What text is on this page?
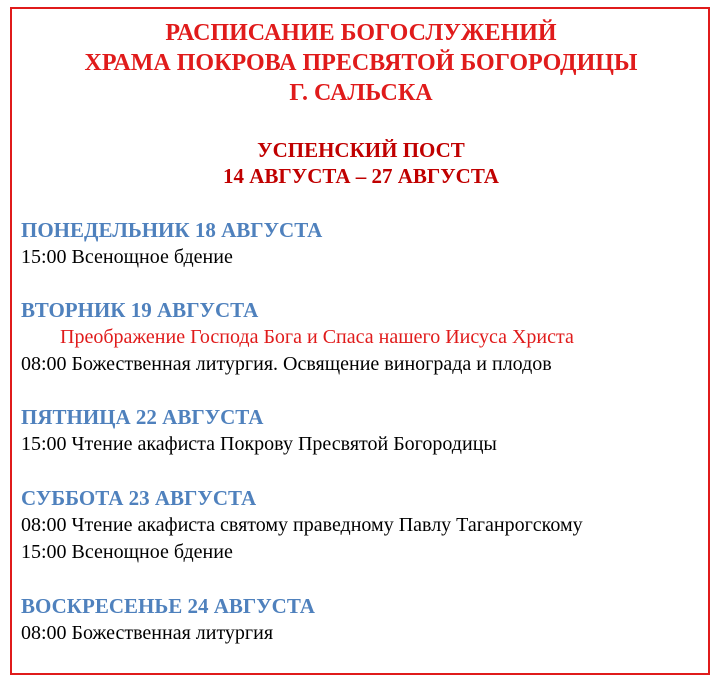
РАСПИСАНИЕ БОГОСЛУЖЕНИЙ
ХРАМА ПОКРОВА ПРЕСВЯТОЙ БОГОРОДИЦЫ
Г. САЛЬСКА
УСПЕНСКИЙ ПОСТ
14 АВГУСТА – 27 АВГУСТА
ПОНЕДЕЛЬНИК 18 АВГУСТА
15:00 Всенощное бдение
ВТОРНИК 19 АВГУСТА
Преображение Господа Бога и Спаса нашего Иисуса Христа
08:00 Божественная литургия. Освящение винограда и плодов
ПЯТНИЦА 22 АВГУСТА
15:00 Чтение акафиста Покрову Пресвятой Богородицы
СУББОТА 23 АВГУСТА
08:00 Чтение акафиста святому праведному Павлу Таганрогскому
15:00 Всенощное бдение
ВОСКРЕСЕНЬЕ 24 АВГУСТА
08:00 Божественная литургия
